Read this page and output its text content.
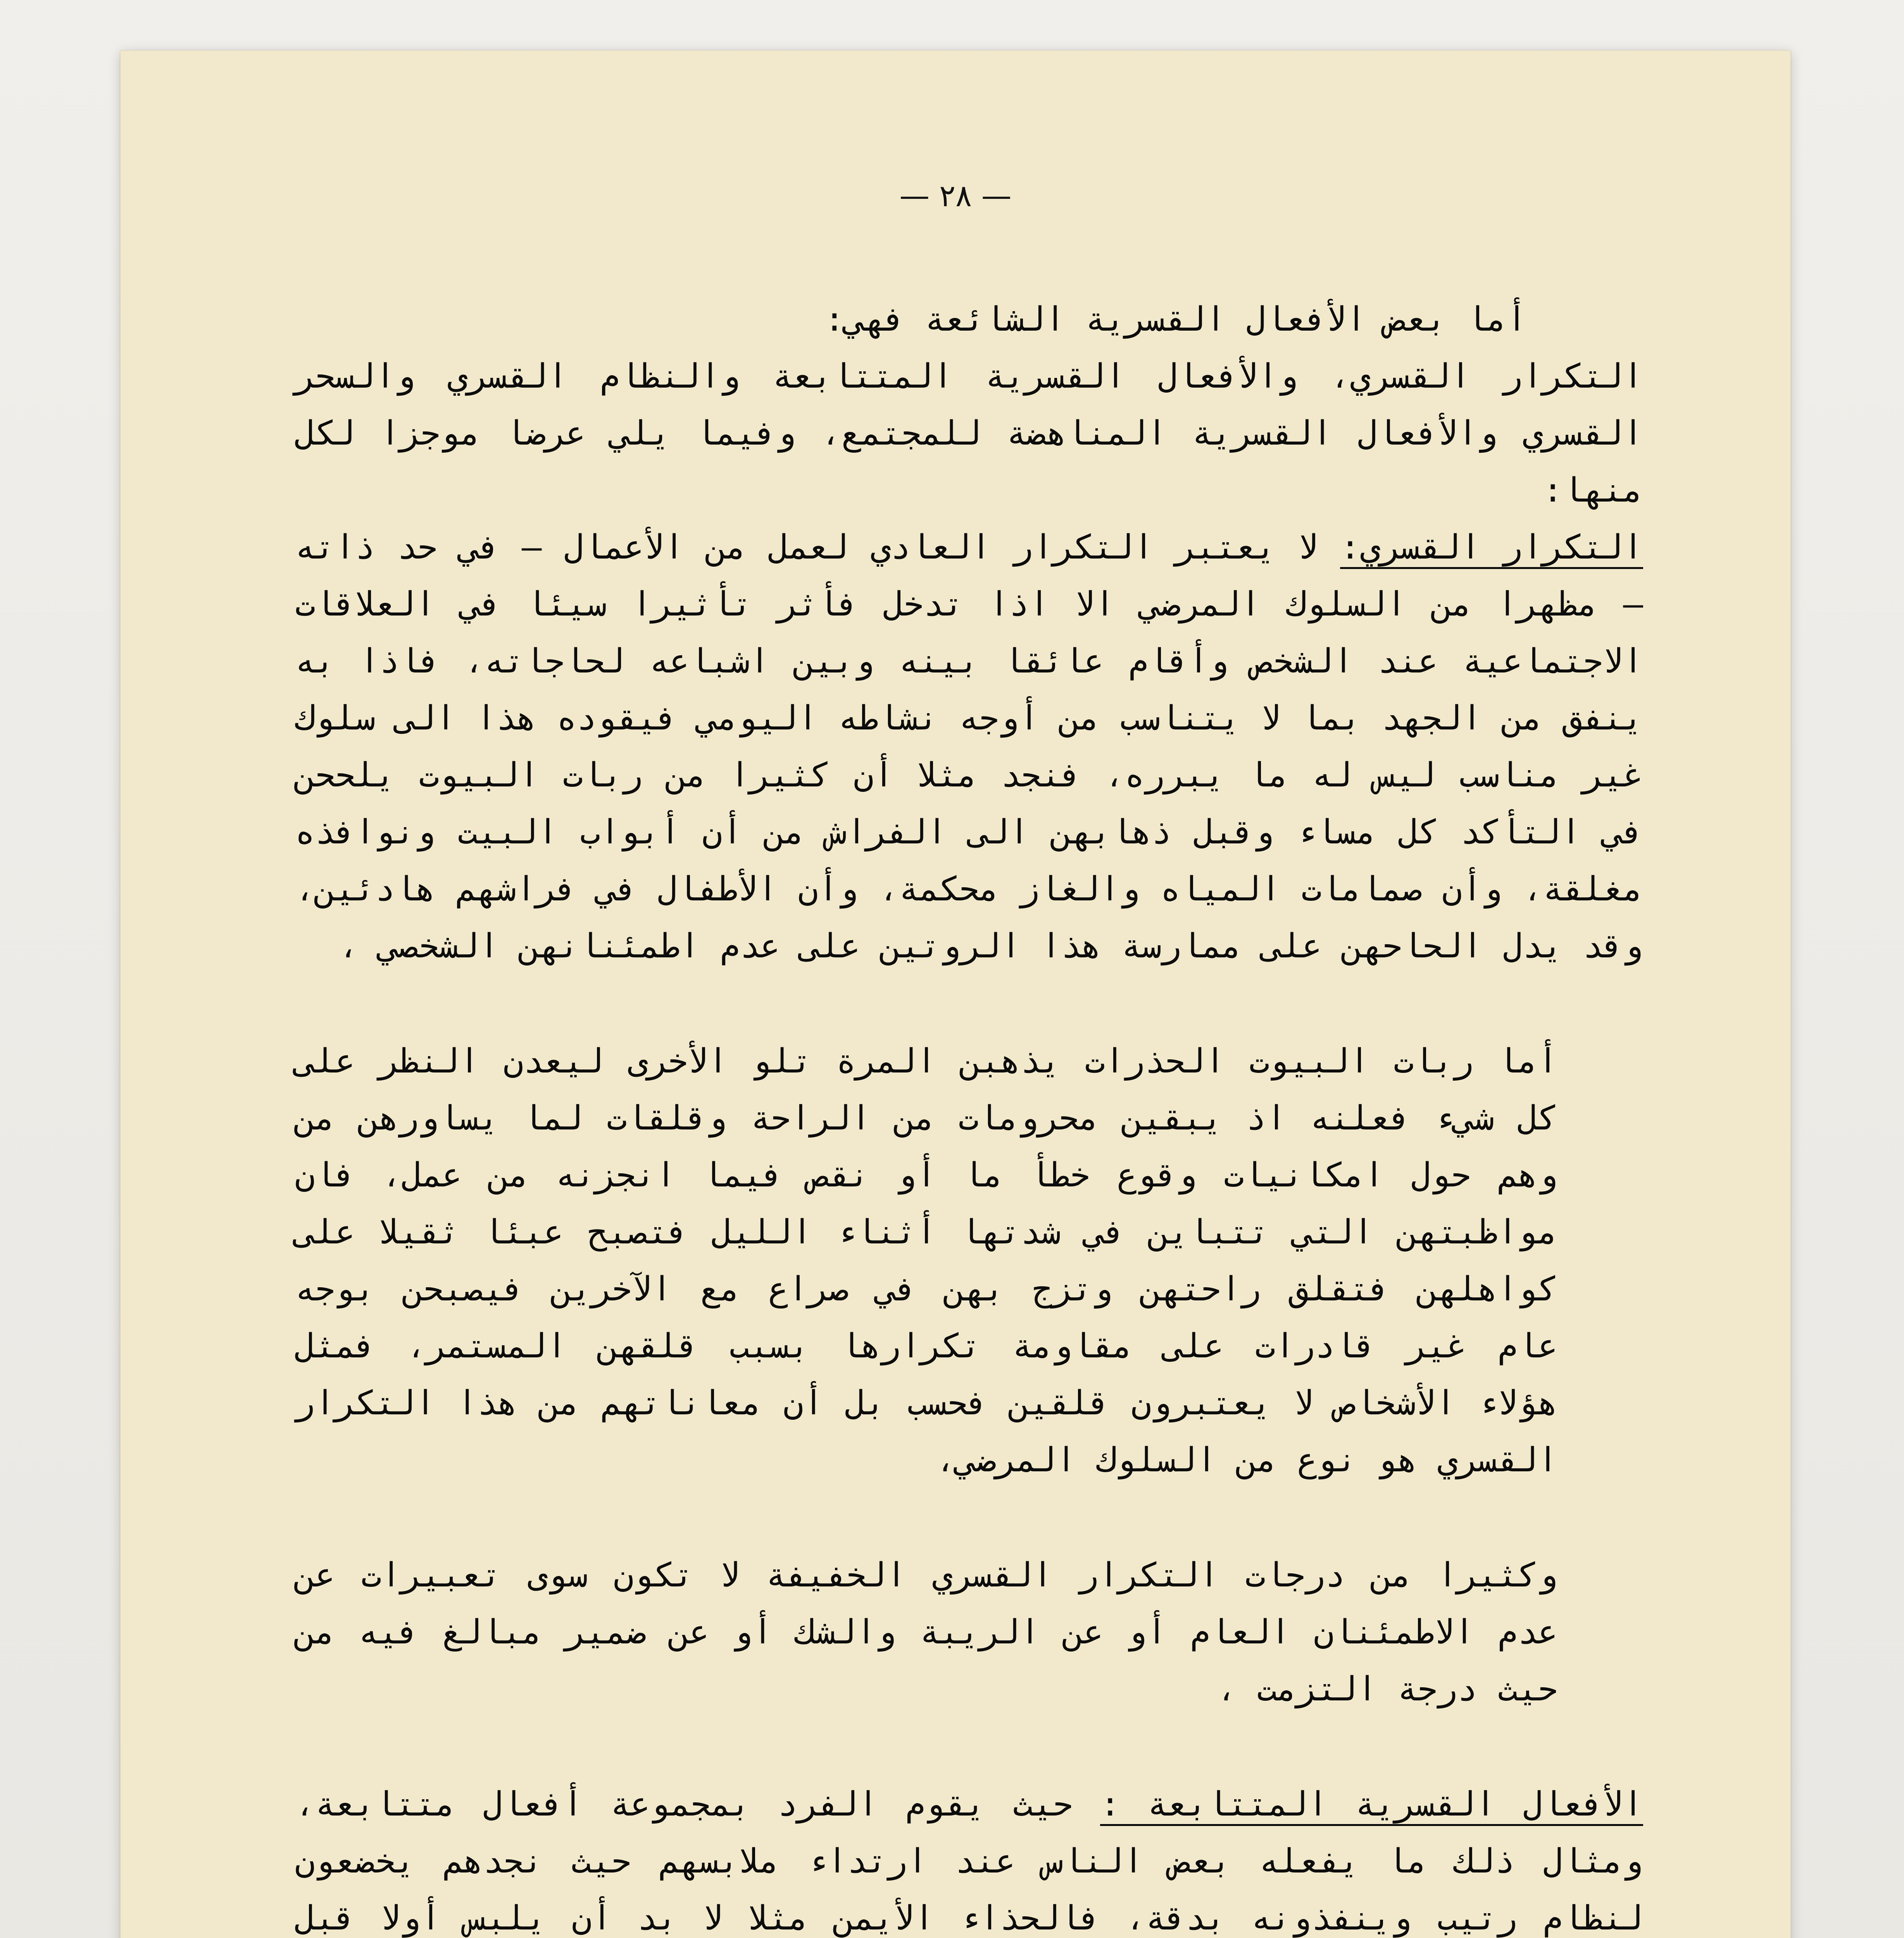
— ٢٨ —

أما بعض الأفعال القسرية الشائعة فهي:

التكرار القسري، والأفعال القسرية المتتابعة والنظام القسري والسحر القسري والأفعال القسرية المناهضة للمجتمع، وفيما يلي عرضا موجزا لكل منها:

التكرار القسري: لا يعتبر التكرار العادي لعمل من الأعمال – في حد ذاته – مظهرا من السلوك المرضي الا اذا تدخل فأثر تأثيرا سيئا في العلاقات الاجتماعية عند الشخص وأقام عائقا بينه وبين اشباعه لحاجاته، فاذا به ينفق من الجهد بما لا يتناسب من أوجه نشاطه اليومي فيقوده هذا الى سلوك غير مناسب ليس له ما يبرره، فنجد مثلا أن كثيرا من ربات البيوت يلححن في التأكد كل مساء وقبل ذهابهن الى الفراش من أن أبواب البيت ونوافذه مغلقة، وأن صمامات المياه والغاز محكمة، وأن الأطفال في فراشهم هادئين، وقد يدل الحاحهن على ممارسة هذا الروتين على عدم اطمئنانهن الشخصي ،

أما ربات البيوت الحذرات يذهبن المرة تلو الأخرى ليعدن النظر على كل شيء فعلنه اذ يبقين محرومات من الراحة وقلقات لما يساورهن من وهم حول امكانيات وقوع خطأ ما أو نقص فيما انجزنه من عمل، فان مواظبتهن التي تتباين في شدتها أثناء الليل فتصبح عبئا ثقيلا على كواهلهن فتقلق راحتهن وتزج بهن في صراع مع الآخرين فيصبحن بوجه عام غير قادرات على مقاومة تكرارها بسبب قلقهن المستمر، فمثل هؤلاء الأشخاص لا يعتبرون قلقين فحسب بل أن معاناتهم من هذا التكرار القسري هو نوع من السلوك المرضي،

وكثيرا من درجات التكرار القسري الخفيفة لا تكون سوى تعبيرات عن عدم الاطمئنان العام أو عن الريبة والشك أو عن ضمير مبالغ فيه من حيث درجة التزمت ،

الأفعال القسرية المتتابعة : حيث يقوم الفرد بمجموعة أفعال متتابعة، ومثال ذلك ما يفعله بعض الناس عند ارتداء ملابسهم حيث نجدهم يخضعون لنظام رتيب وينفذونه بدقة، فالحذاء الأيمن مثلا لا بد أن يلبس أولا قبل
